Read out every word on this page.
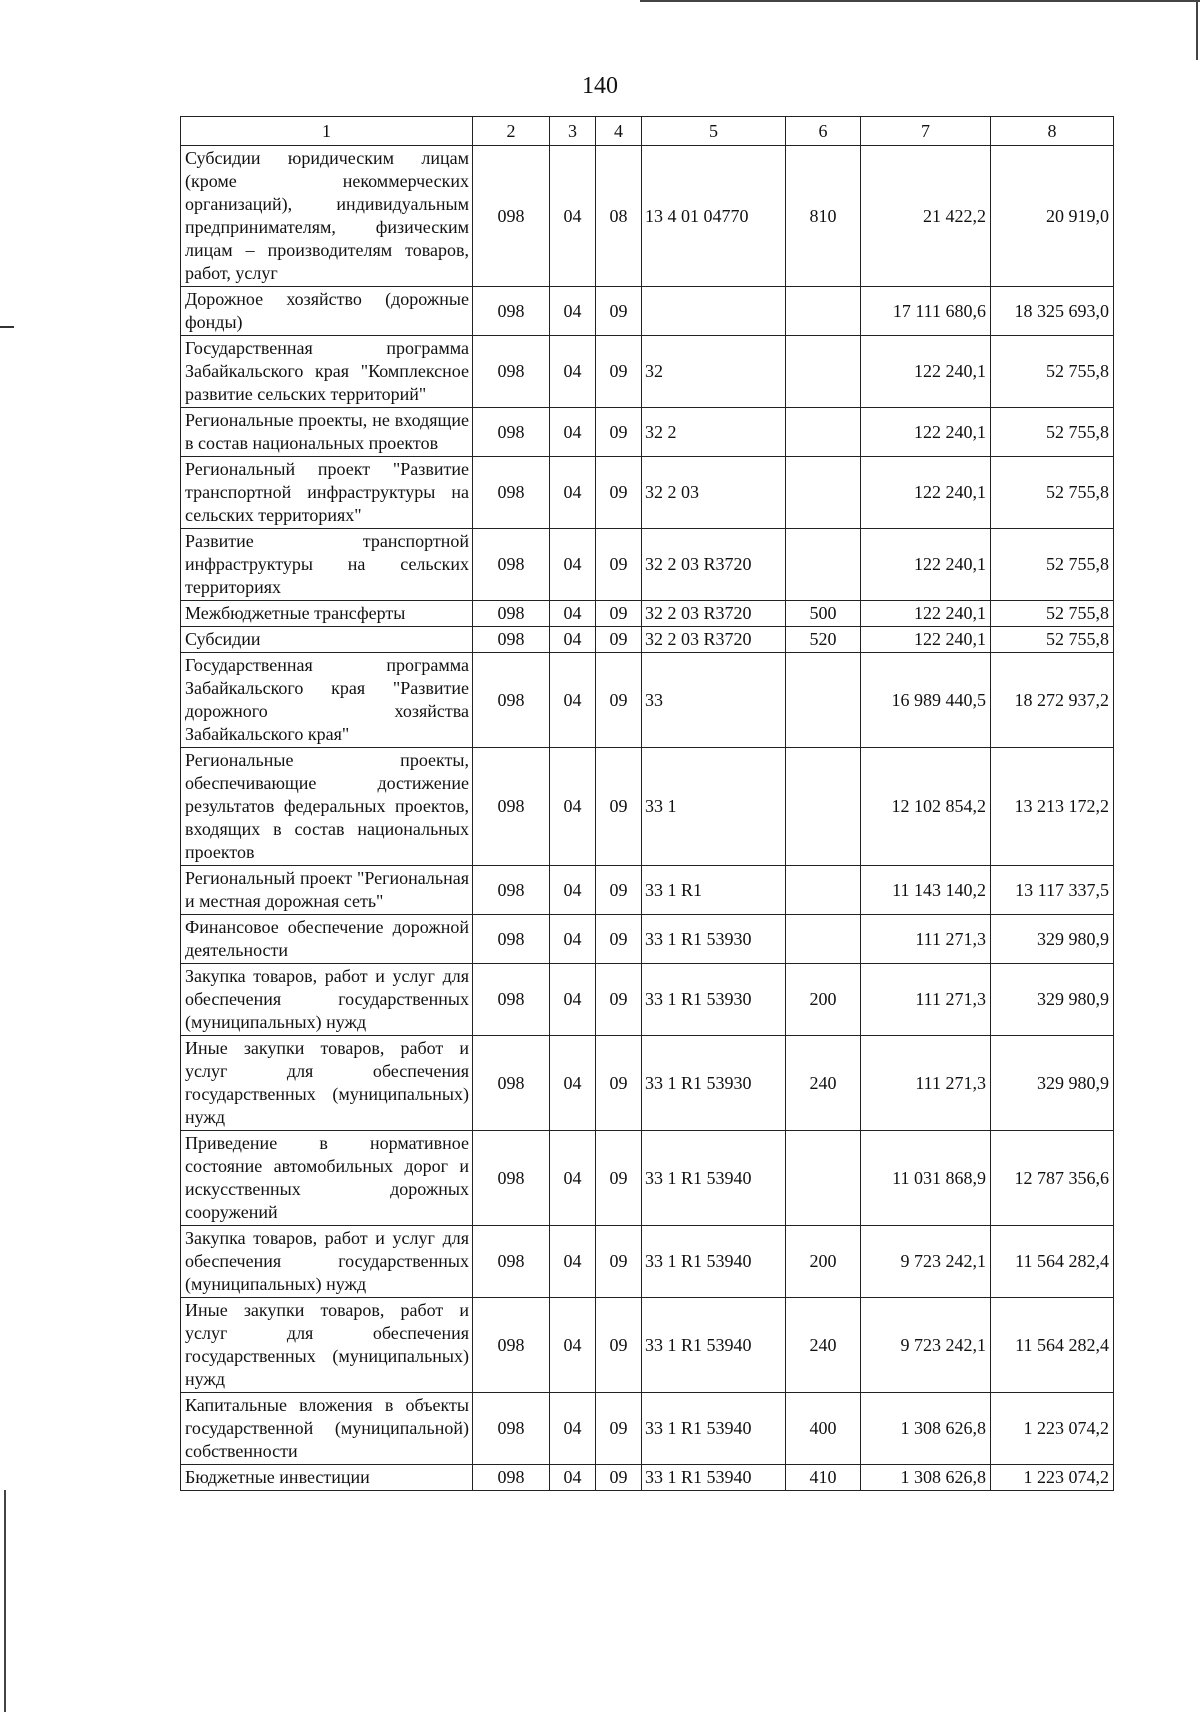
140
1	2	3	4	5	6	7	8
Субсидии юридическим лицам (кроме некоммерческих организаций), индивидуальным предпринимателям, физическим лицам – производителям товаров, работ, услуг	098	04	08	13 4 01 04770	810	21 422,2	20 919,0
Дорожное хозяйство (дорожные фонды)	098	04	09			17 111 680,6	18 325 693,0
Государственная программа Забайкальского края "Комплексное развитие сельских территорий"	098	04	09	32		122 240,1	52 755,8
Региональные проекты, не входящие в состав национальных проектов	098	04	09	32 2		122 240,1	52 755,8
Региональный проект "Развитие транспортной инфраструктуры на сельских территориях"	098	04	09	32 2 03		122 240,1	52 755,8
Развитие транспортной инфраструктуры на сельских территориях	098	04	09	32 2 03 R3720		122 240,1	52 755,8
Межбюджетные трансферты	098	04	09	32 2 03 R3720	500	122 240,1	52 755,8
Субсидии	098	04	09	32 2 03 R3720	520	122 240,1	52 755,8
Государственная программа Забайкальского края "Развитие дорожного хозяйства Забайкальского края"	098	04	09	33		16 989 440,5	18 272 937,2
Региональные проекты, обеспечивающие достижение результатов федеральных проектов, входящих в состав национальных проектов	098	04	09	33 1		12 102 854,2	13 213 172,2
Региональный проект "Региональная и местная дорожная сеть"	098	04	09	33 1 R1		11 143 140,2	13 117 337,5
Финансовое обеспечение дорожной деятельности	098	04	09	33 1 R1 53930		111 271,3	329 980,9
Закупка товаров, работ и услуг для обеспечения государственных (муниципальных) нужд	098	04	09	33 1 R1 53930	200	111 271,3	329 980,9
Иные закупки товаров, работ и услуг для обеспечения государственных (муниципальных) нужд	098	04	09	33 1 R1 53930	240	111 271,3	329 980,9
Приведение в нормативное состояние автомобильных дорог и искусственных дорожных сооружений	098	04	09	33 1 R1 53940		11 031 868,9	12 787 356,6
Закупка товаров, работ и услуг для обеспечения государственных (муниципальных) нужд	098	04	09	33 1 R1 53940	200	9 723 242,1	11 564 282,4
Иные закупки товаров, работ и услуг для обеспечения государственных (муниципальных) нужд	098	04	09	33 1 R1 53940	240	9 723 242,1	11 564 282,4
Капитальные вложения в объекты государственной (муниципальной) собственности	098	04	09	33 1 R1 53940	400	1 308 626,8	1 223 074,2
Бюджетные инвестиции	098	04	09	33 1 R1 53940	410	1 308 626,8	1 223 074,2
